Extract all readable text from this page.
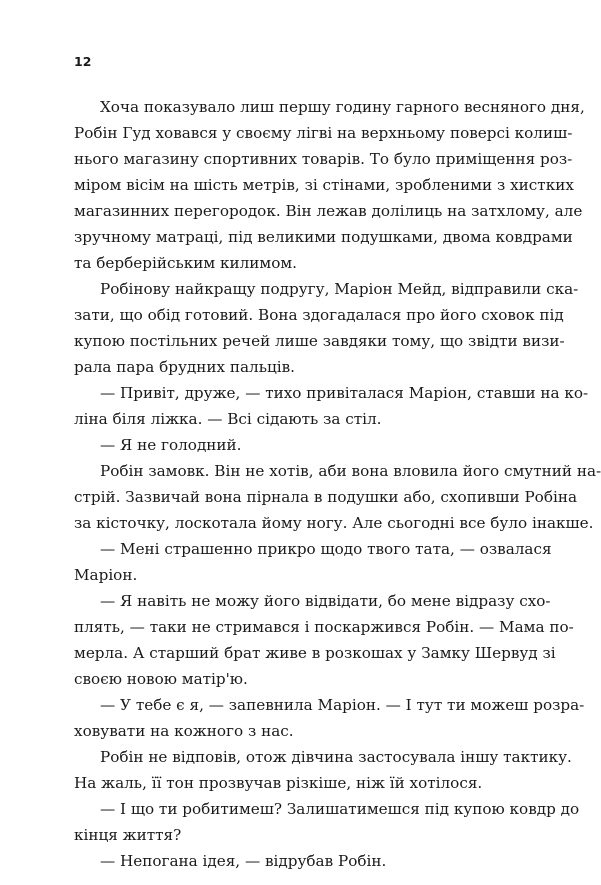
12
Хоча показувало лиш першу годину гарного весняного дня,
Робін Гуд ховався у своєму лігві на верхньому поверсі колиш-
нього магазину спортивних товарів. То було приміщення роз-
міром вісім на шість метрів, зі стінами, зробленими з хистких
магазинних перегородок. Він лежав долілиць на затхлому, але
зручному матраці, під великими подушками, двома ковдрами
та берберійським килимом.
Робінову найкращу подругу, Маріон Мейд, відправили ска-
зати, що обід готовий. Вона здогадалася про його сховок під
купою постільних речей лише завдяки тому, що звідти визи-
рала пара брудних пальців.
— Привіт, друже, — тихо привіталася Маріон, ставши на ко-
ліна біля ліжка. — Всі сідають за стіл.
— Я не голодний.
Робін замовк. Він не хотів, аби вона вловила його смутний на-
стрій. Зазвичай вона пірнала в подушки або, схопивши Робіна
за кісточку, лоскотала йому ногу. Але сьогодні все було інакше.
— Мені страшенно прикро щодо твого тата, — озвалася
Маріон.
— Я навіть не можу його відвідати, бо мене відразу схо-
плять, — таки не стримався і поскаржився Робін. — Мама по-
мерла. А старший брат живе в розкошах у Замку Шервуд зі
своєю новою матір'ю.
— У тебе є я, — запевнила Маріон. — І тут ти можеш розра-
ховувати на кожного з нас.
Робін не відповів, отож дівчина застосувала іншу тактику.
На жаль, її тон прозвучав різкіше, ніж їй хотілося.
— І що ти робитимеш? Залишатимешся під купою ковдр до
кінця життя?
— Непогана ідея, — відрубав Робін.
